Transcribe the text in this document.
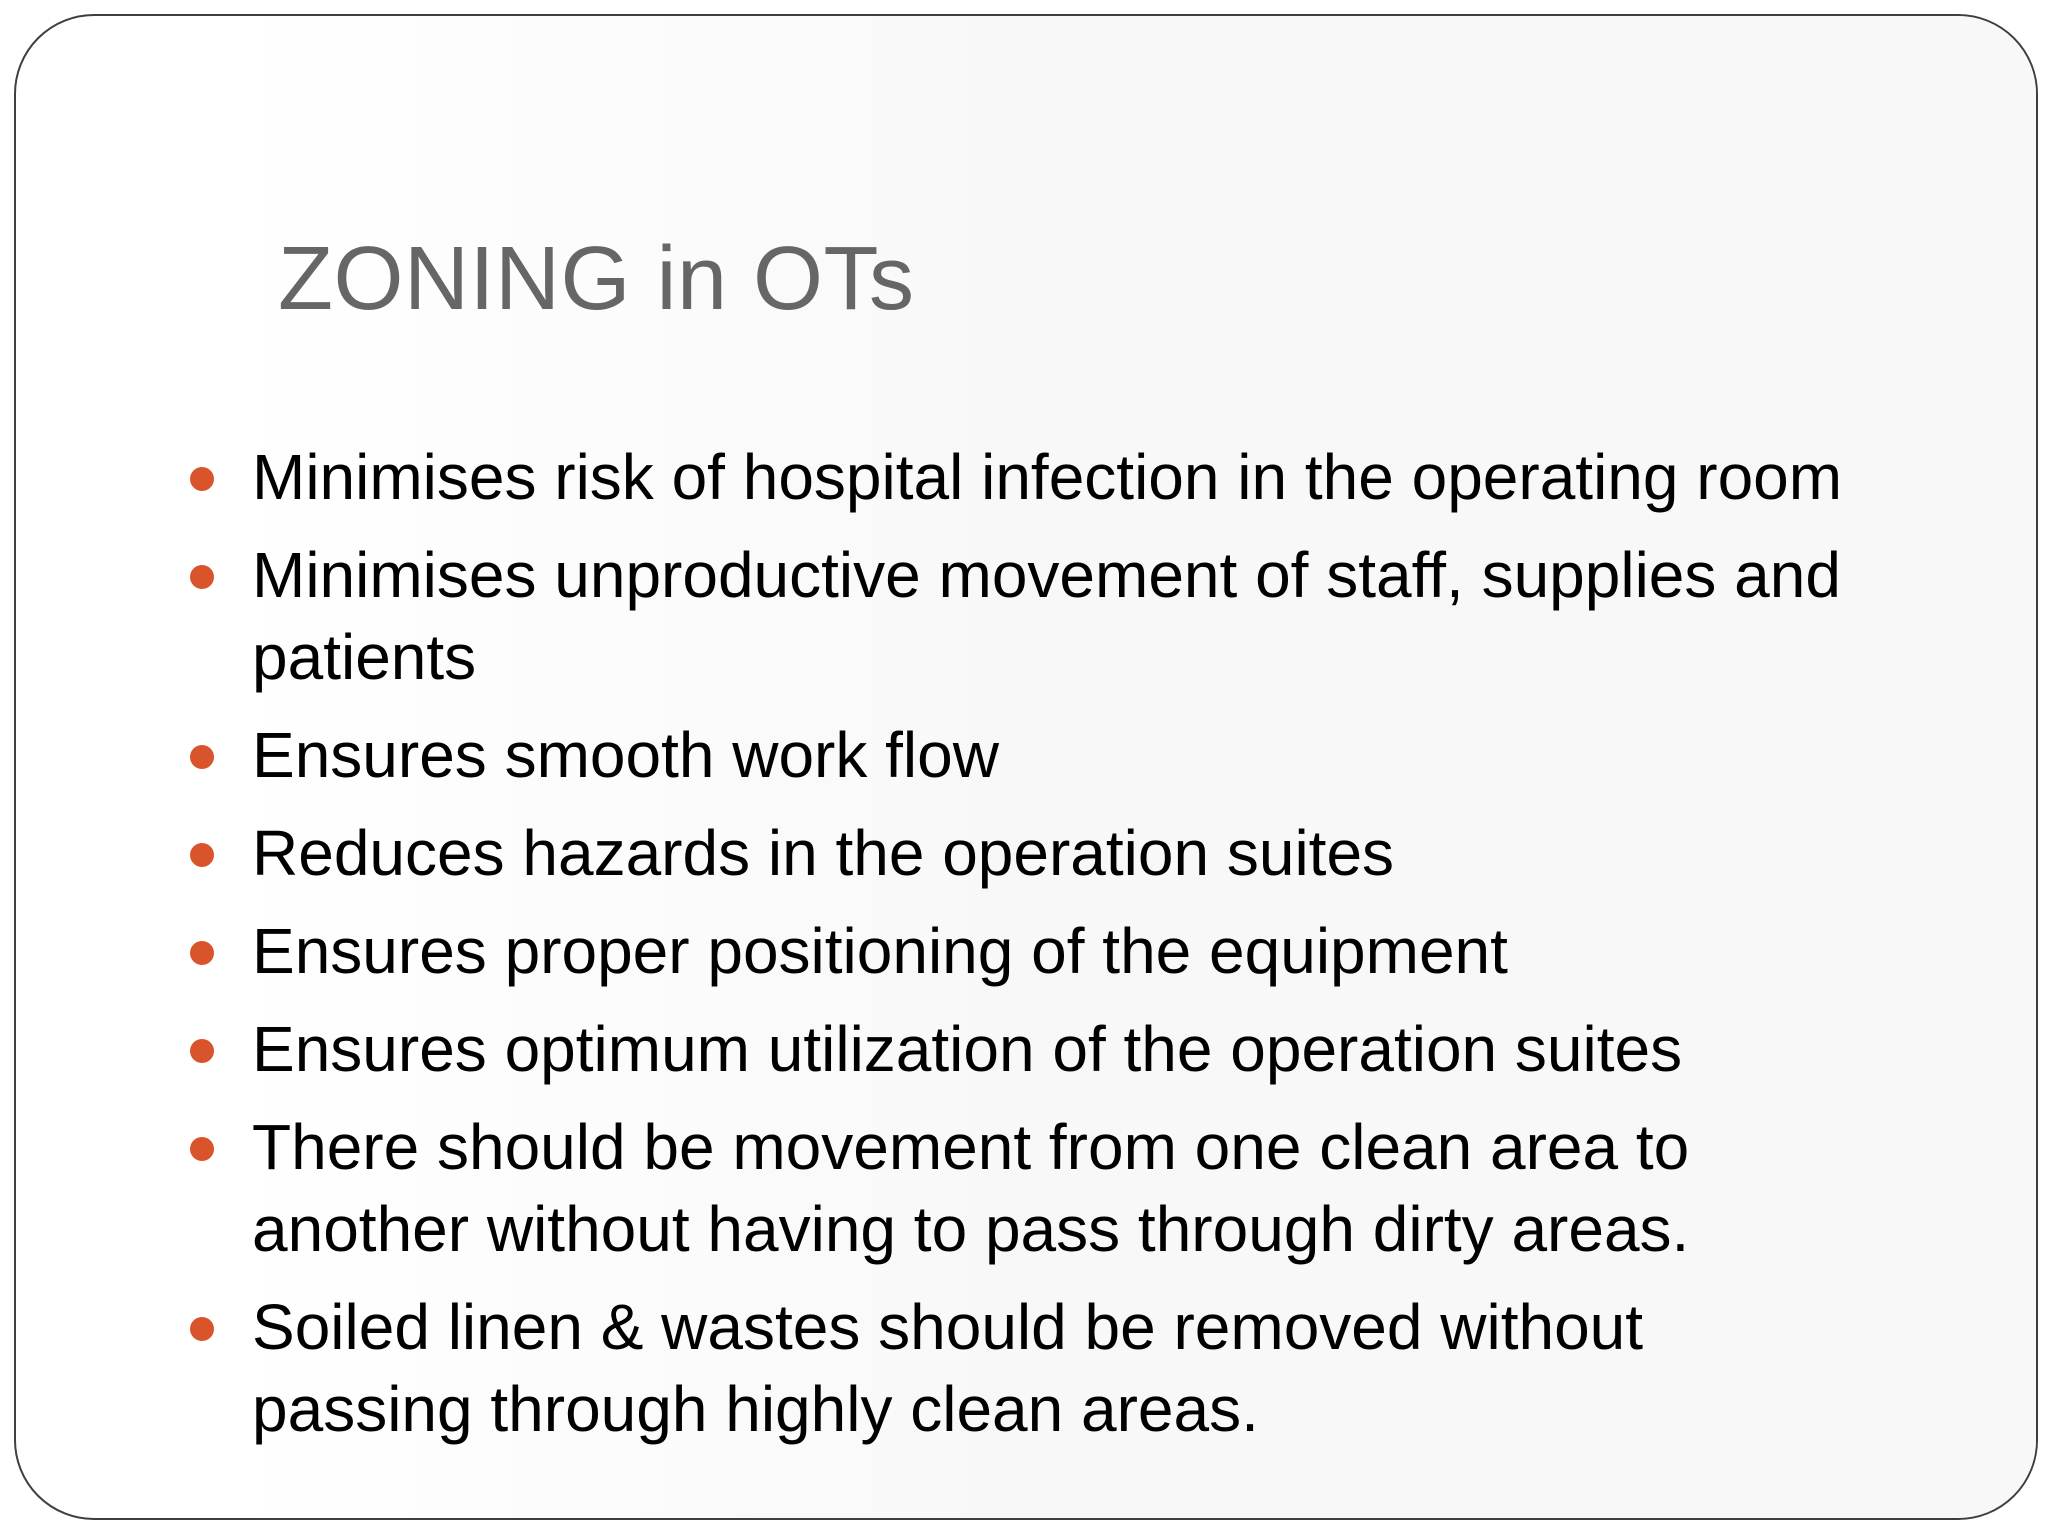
ZONING in OTs
Minimises risk of hospital infection in the operating room
Minimises unproductive movement of staff, supplies and patients
Ensures smooth work flow
Reduces hazards in the operation suites
Ensures proper positioning of the equipment
Ensures optimum utilization of the operation suites
There should be movement from one clean area to another without having to pass through dirty areas.
Soiled linen & wastes should be removed without passing through highly clean areas.
